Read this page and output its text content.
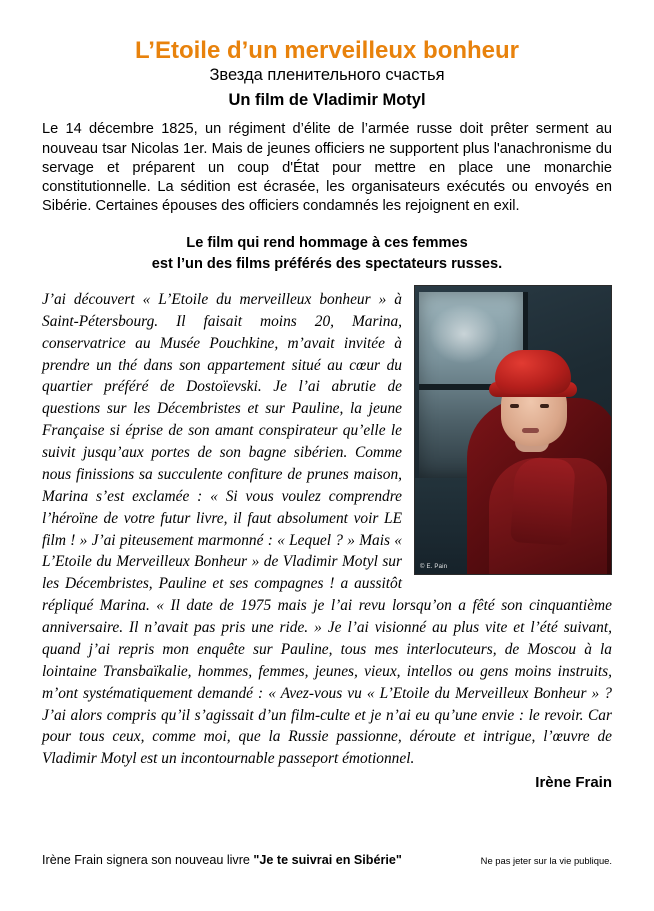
L’Etoile d’un merveilleux bonheur
Звезда пленительного счастья
Un film de Vladimir Motyl

Le 14 décembre 1825, un régiment d’élite de l’armée russe doit prêter serment au nouveau tsar Nicolas 1er. Mais de jeunes officiers ne supportent plus l'anachronisme du servage et préparent un coup d'État pour mettre en place une monarchie constitutionnelle. La sédition est écrasée, les organisateurs exécutés ou envoyés en Sibérie. Certaines épouses des officiers condamnés les rejoignent en exil.

Le film qui rend hommage à ces femmes
est l’un des films préférés des spectateurs russes.
© E. Pain

J’ai découvert « L’Etoile du merveilleux bonheur » à Saint-Pétersbourg. Il faisait moins 20, Marina, conservatrice au Musée Pouchkine, m’avait invitée à prendre un thé dans son appartement situé au cœur du quartier préféré de Dostoïevski. Je l’ai abrutie de questions sur les Décembristes et sur Pauline, la jeune Française si éprise de son amant conspirateur qu’elle le suivit jusqu’aux portes de son bagne sibérien. Comme nous finissions sa succulente confiture de prunes maison, Marina s’est exclamée : « Si vous voulez comprendre l’héroïne de votre futur livre, il faut absolument voir LE film ! » J’ai piteusement marmonné : « Lequel ? » Mais « L’Etoile du Merveilleux Bonheur » de Vladimir Motyl sur les Décembristes, Pauline et ses compagnes ! a aussitôt répliqué Marina. « Il date de 1975 mais je l’ai revu lorsqu’on a fêté son cinquantième anniversaire. Il n’avait pas pris une ride. » Je l’ai visionné au plus vite et l’été suivant, quand j’ai repris mon enquête sur Pauline, tous mes interlocuteurs, de Moscou à la lointaine Transbaïkalie, hommes, femmes, jeunes, vieux, intellos ou gens moins instruits, m’ont systématiquement demandé : « Avez-vous vu « L’Etoile du Merveilleux Bonheur » ? J’ai alors compris qu’il s’agissait d’un film-culte et je n’ai eu qu’une envie : le revoir. Car pour tous ceux, comme moi, que la Russie passionne, déroute et intrigue, l’œuvre de Vladimir Motyl est un incontournable passeport émotionnel.

Irène Frain
Irène Frain signera son nouveau livre "Je te suivrai en Sibérie"	Ne pas jeter sur la vie publique.
